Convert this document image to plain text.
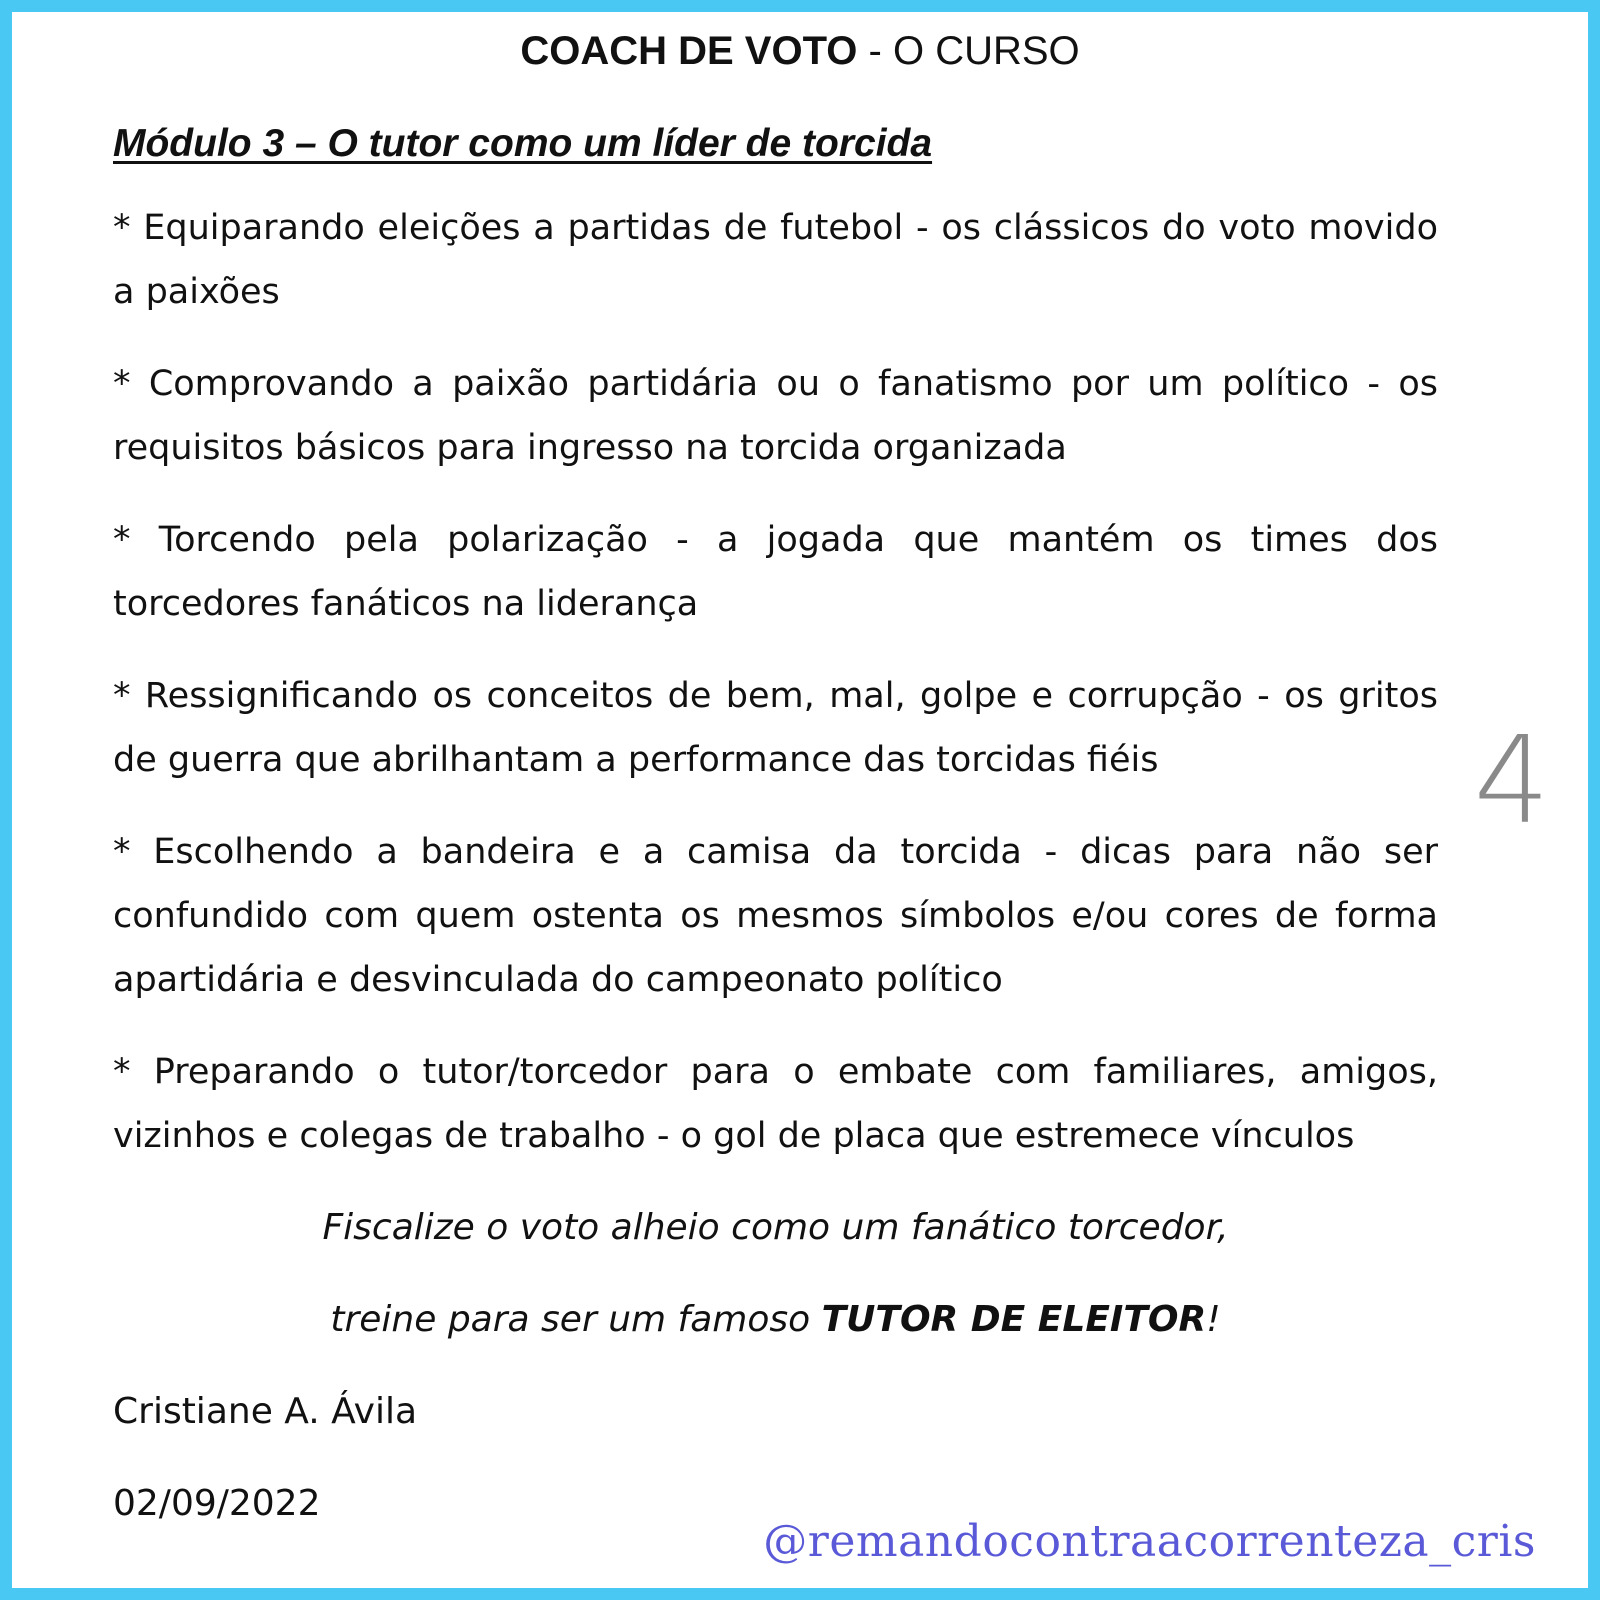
COACH DE VOTO - O CURSO
Módulo 3 – O tutor como um líder de torcida
* Equiparando eleições a partidas de futebol - os clássicos do voto movido a paixões
* Comprovando a paixão partidária ou o fanatismo por um político - os requisitos básicos para ingresso na torcida organizada
* Torcendo pela polarização - a jogada que mantém os times dos torcedores fanáticos na liderança
* Ressignificando os conceitos de bem, mal, golpe e corrupção - os gritos de guerra que abrilhantam a performance das torcidas fiéis
* Escolhendo a bandeira e a camisa da torcida - dicas para não ser confundido com quem ostenta os mesmos símbolos e/ou cores de forma apartidária e desvinculada do campeonato político
* Preparando o tutor/torcedor para o embate com familiares, amigos, vizinhos e colegas de trabalho - o gol de placa que estremece vínculos
Fiscalize o voto alheio como um fanático torcedor,
treine para ser um famoso TUTOR DE ELEITOR!
Cristiane A. Ávila
02/09/2022
4
@remandocontraacorrenteza_cris
